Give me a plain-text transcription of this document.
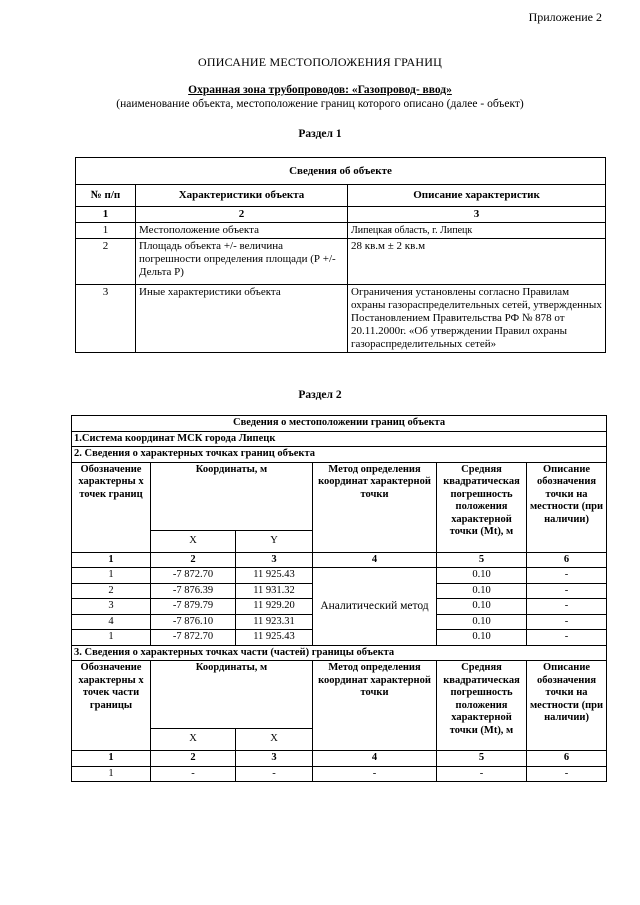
Приложение 2
ОПИСАНИЕ МЕСТОПОЛОЖЕНИЯ ГРАНИЦ
Охранная зона трубопроводов: «Газопровод- ввод»
(наименование объекта, местоположение границ которого описано (далее - объект)
Раздел 1
Сведения об объекте		
№ п/п	Характеристики объекта	Описание характеристик
1	2	3
1	Местоположение объекта	Липецкая область, г. Липецк
2	Площадь объекта +/- величина погрешности определения площади (Р +/- Дельта Р)	28 кв.м ± 2 кв.м
3	Иные характеристики объекта	Ограничения установлены согласно Правилам охраны газораспределительных сетей, утвержденных Постановлением Правительства РФ № 878 от 20.11.2000г. «Об утверждении Правил охраны газораспределительных сетей»
Раздел 2
Сведения о местоположении границ объекта					
1.Система координат МСК города Липецк					
2. Сведения о характерных точках границ объекта					
Обозначение характерны х точек границ	Координаты, м		Метод определения координат характерной точки	Средняя квадратическая погрешность положения характерной точки (Mt), м	Описание обозначения точки на местности (при наличии)
	X	Y			
1	2	3	4	5	6
1	-7 872.70	11 925.43	Аналитический метод	0.10	-
2	-7 876.39	11 931.32		0.10	-
3	-7 879.79	11 929.20		0.10	-
4	-7 876.10	11 923.31		0.10	-
1	-7 872.70	11 925.43		0.10	-
3. Сведения о характерных точках части (частей) границы объекта					
Обозначение характерны х точек части границы	Координаты, м		Метод определения координат характерной точки	Средняя квадратическая погрешность положения характерной точки (Mt), м	Описание обозначения точки на местности (при наличии)
	X	X			
1	2	3	4	5	6
1	-	-	-	-	-
